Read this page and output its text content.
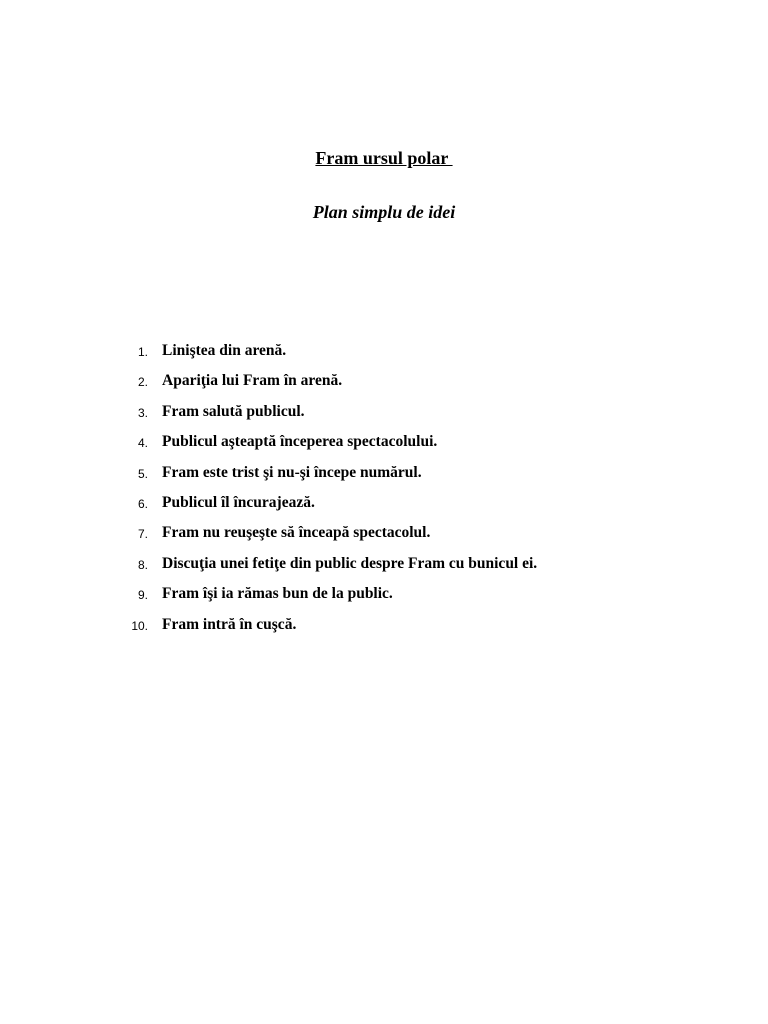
Fram ursul polar
Plan simplu de idei
1. Liniştea din arenă.
2. Apariţia lui Fram în arenă.
3. Fram salută publicul.
4. Publicul aşteaptă începerea spectacolului.
5. Fram este trist şi nu-şi începe numărul.
6. Publicul îl încurajează.
7. Fram nu reuşeşte să înceapă spectacolul.
8. Discuţia unei fetiţe din public despre Fram cu bunicul ei.
9. Fram îşi ia rămas bun de la public.
10. Fram intră în cuşcă.
